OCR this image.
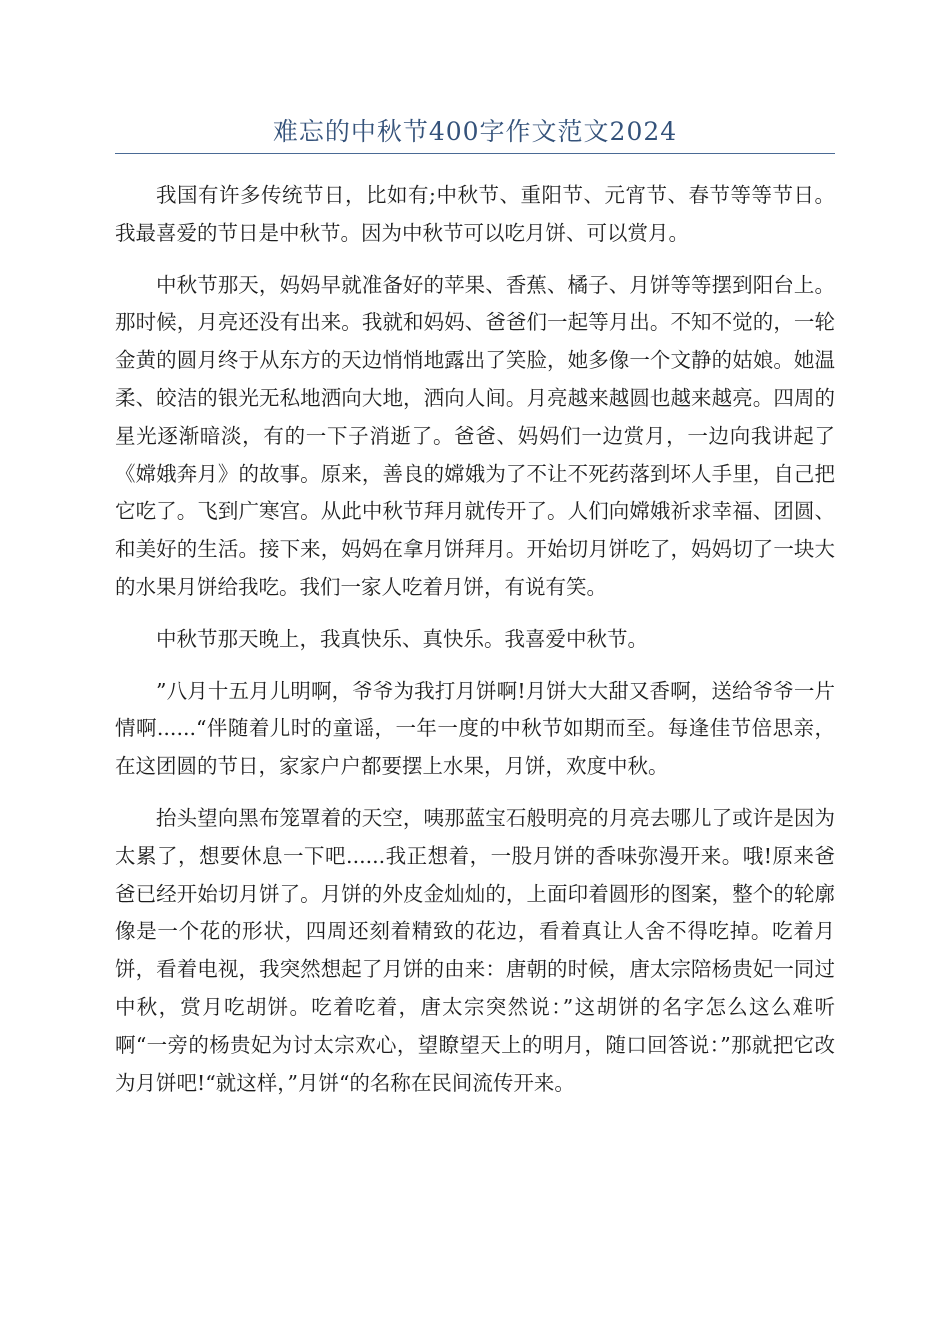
难忘的中秋节400字作文范文2024

我国有许多传统节日，比如有;中秋节、重阳节、元宵节、春节等等节日。我最喜爱的节日是中秋节。因为中秋节可以吃月饼、可以赏月。

中秋节那天，妈妈早就准备好的苹果、香蕉、橘子、月饼等等摆到阳台上。那时候，月亮还没有出来。我就和妈妈、爸爸们一起等月出。不知不觉的，一轮金黄的圆月终于从东方的天边悄悄地露出了笑脸，她多像一个文静的姑娘。她温柔、皎洁的银光无私地洒向大地，洒向人间。月亮越来越圆也越来越亮。四周的星光逐渐暗淡，有的一下子消逝了。爸爸、妈妈们一边赏月，一边向我讲起了《嫦娥奔月》的故事。原来，善良的嫦娥为了不让不死药落到坏人手里，自己把它吃了。飞到广寒宫。从此中秋节拜月就传开了。人们向嫦娥祈求幸福、团圆、和美好的生活。接下来，妈妈在拿月饼拜月。开始切月饼吃了，妈妈切了一块大的水果月饼给我吃。我们一家人吃着月饼，有说有笑。

中秋节那天晚上，我真快乐、真快乐。我喜爱中秋节。

”八月十五月儿明啊，爷爷为我打月饼啊!月饼大大甜又香啊，送给爷爷一片情啊......“伴随着儿时的童谣，一年一度的中秋节如期而至。每逢佳节倍思亲，在这团圆的节日，家家户户都要摆上水果，月饼，欢度中秋。

抬头望向黑布笼罩着的天空，咦那蓝宝石般明亮的月亮去哪儿了或许是因为太累了，想要休息一下吧......我正想着，一股月饼的香味弥漫开来。哦!原来爸爸已经开始切月饼了。月饼的外皮金灿灿的，上面印着圆形的图案，整个的轮廓像是一个花的形状，四周还刻着精致的花边，看着真让人舍不得吃掉。吃着月饼，看着电视，我突然想起了月饼的由来：唐朝的时候，唐太宗陪杨贵妃一同过中秋，赏月吃胡饼。吃着吃着，唐太宗突然说：”这胡饼的名字怎么这么难听啊“一旁的杨贵妃为讨太宗欢心，望瞭望天上的明月，随口回答说：”那就把它改为月饼吧!“就这样，”月饼“的名称在民间流传开来。
